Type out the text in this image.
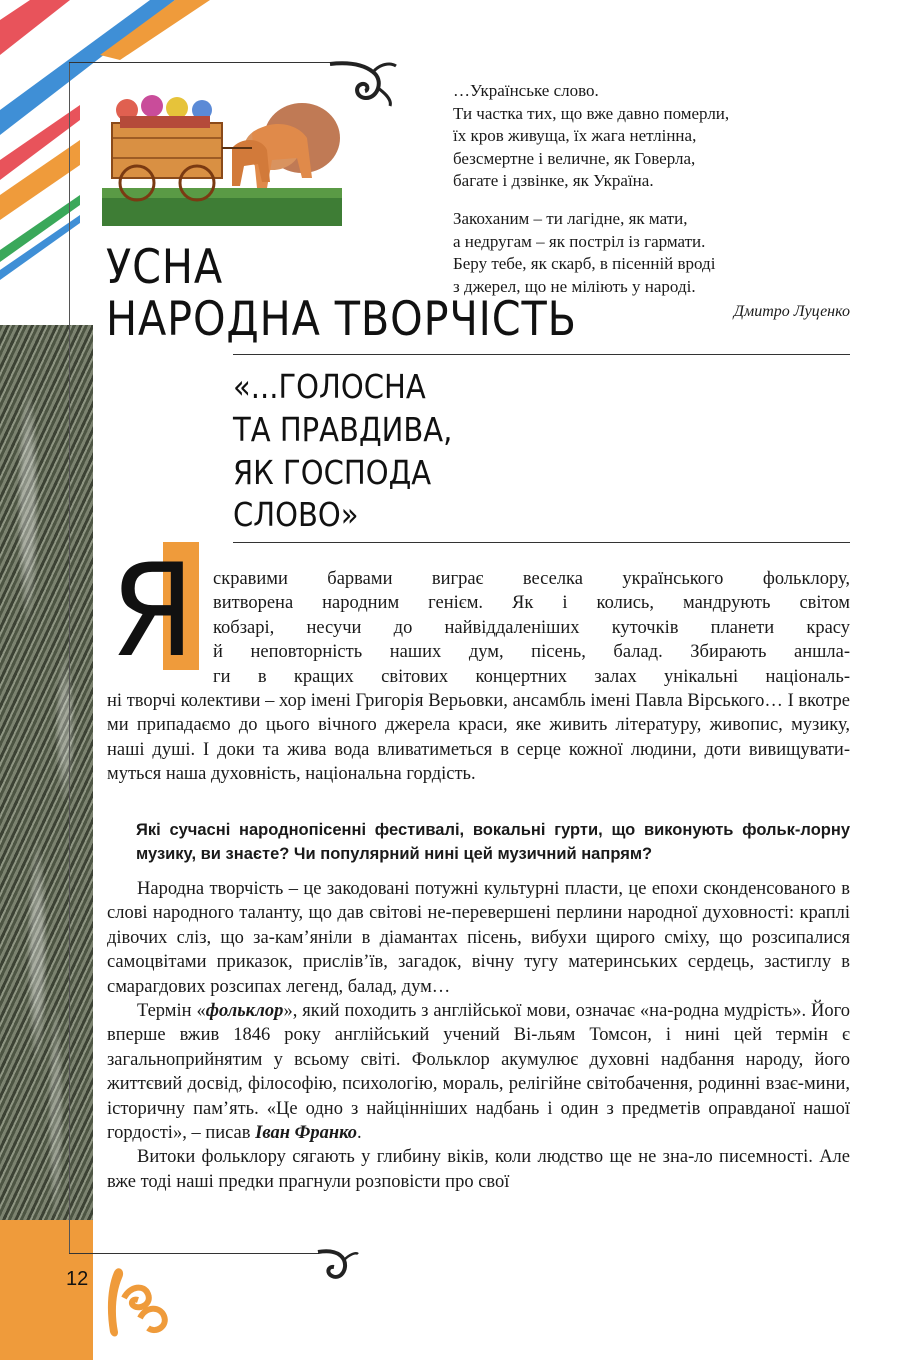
…Українське слово.
Ти частка тих, що вже давно померли,
їх кров живуща, їх жага нетлінна,
безсмертне і величне, як Говерла,
багате і дзвінке, як Україна.
Закоханим – ти лагідне, як мати,
а недругам – як постріл із гармати.
Беру тебе, як скарб, в пісенній вроді
з джерел, що не міліють у народі.
Дмитро Луценко
УСНА
НАРОДНА ТВОРЧІСТЬ
«...ГОЛОСНА
ТА ПРАВДИВА,
ЯК ГОСПОДА
СЛОВО»
Я скравими барвами виграє веселка українського фольклору,
витворена народним генієм. Як і колись, мандрують світом
кобзарі, несучи до найвіддаленіших куточків планети красу
й неповторність наших дум, пісень, балад. Збирають аншла-
ги в кращих світових концертних залах унікальні національ-
ні творчі колективи – хор імені Григорія Верьовки, ансамбль імені Павла Вірського… І вкотре ми припадаємо до цього вічного джерела краси, яке живить літературу, живопис, музику, наші душі. І доки та жива вода вливатиметься в серце кожної людини, доти вивищувати-муться наша духовність, національна гордість.
Які сучасні народнопісенні фестивалі, вокальні гурти, що виконують фольк-лорну музику, ви знаєте? Чи популярний нині цей музичний напрям?
Народна творчість – це закодовані потужні культурні пласти, це епохи сконденсованого в слові народного таланту, що дав світові не-перевершені перлини народної духовності: краплі дівочих сліз, що за-кам’яніли в діамантах пісень, вибухи щирого сміху, що розсипалися самоцвітами приказок, прислів’їв, загадок, вічну тугу материнських сердець, застиглу в смарагдових розсипах легенд, балад, дум…
Термін «фольклор», який походить з англійської мови, означає «на-родна мудрість». Його вперше вжив 1846 року англійський учений Ві-льям Томсон, і нині цей термін є загальноприйнятим у всьому світі. Фольклор акумулює духовні надбання народу, його життєвий досвід, філософію, психологію, мораль, релігійне світобачення, родинні взає-мини, історичну пам’ять. «Це одно з найцінніших надбань і один з предметів оправданої нашої гордості», – писав Іван Франко.
Витоки фольклору сягають у глибину віків, коли людство ще не зна-ло писемності. Але вже тоді наші предки прагнули розповісти про свої
12
